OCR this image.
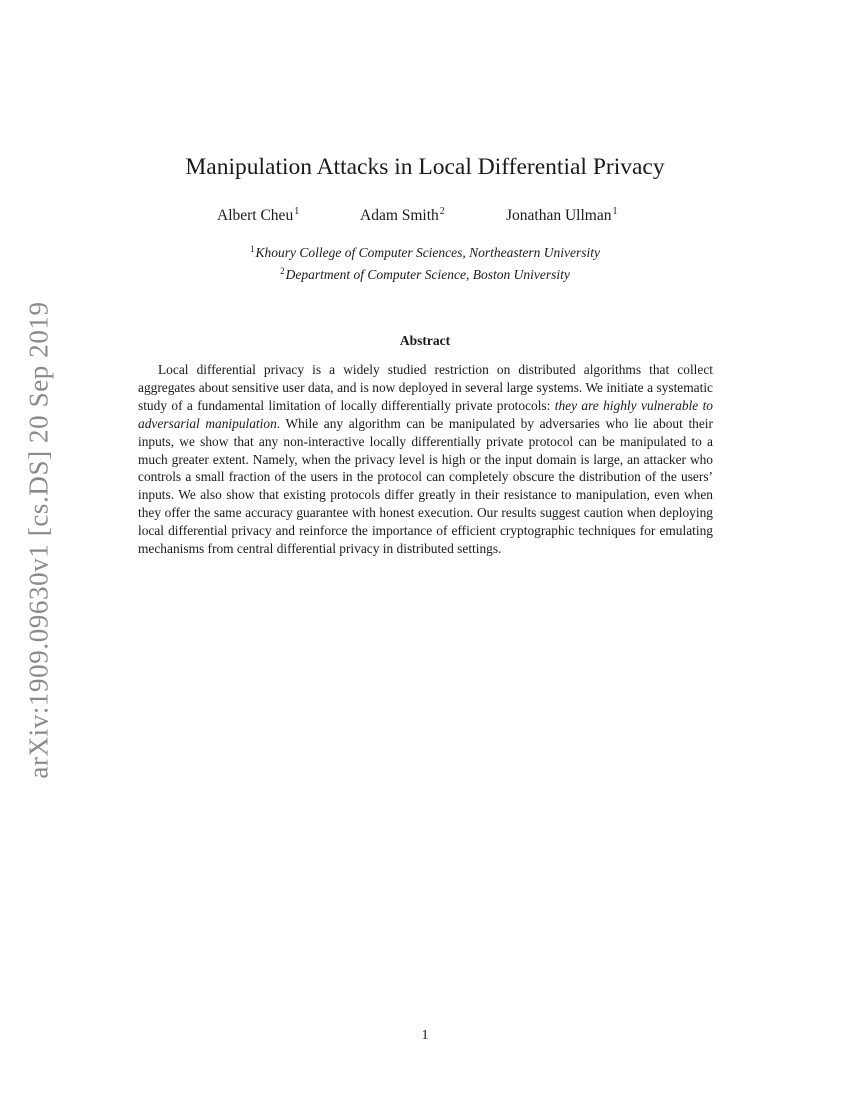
arXiv:1909.09630v1 [cs.DS] 20 Sep 2019
Manipulation Attacks in Local Differential Privacy
Albert Cheu$^1$	Adam Smith$^2$	Jonathan Ullman$^1$
$^1$Khoury College of Computer Sciences, Northeastern University
$^2$Department of Computer Science, Boston University
Abstract

Local differential privacy is a widely studied restriction on distributed algorithms that collect aggregates about sensitive user data, and is now deployed in several large systems. We initiate a systematic study of a fundamental limitation of locally differentially private protocols: they are highly vulnerable to adversarial manipulation. While any algorithm can be manipulated by adversaries who lie about their inputs, we show that any non-interactive locally differentially private protocol can be manipulated to a much greater extent. Namely, when the privacy level is high or the input domain is large, an attacker who controls a small fraction of the users in the protocol can completely obscure the distribution of the users’ inputs. We also show that existing protocols differ greatly in their resistance to manipulation, even when they offer the same accuracy guarantee with honest execution. Our results suggest caution when deploying local differential privacy and reinforce the importance of efficient cryptographic techniques for emulating mechanisms from central differential privacy in distributed settings.

1
